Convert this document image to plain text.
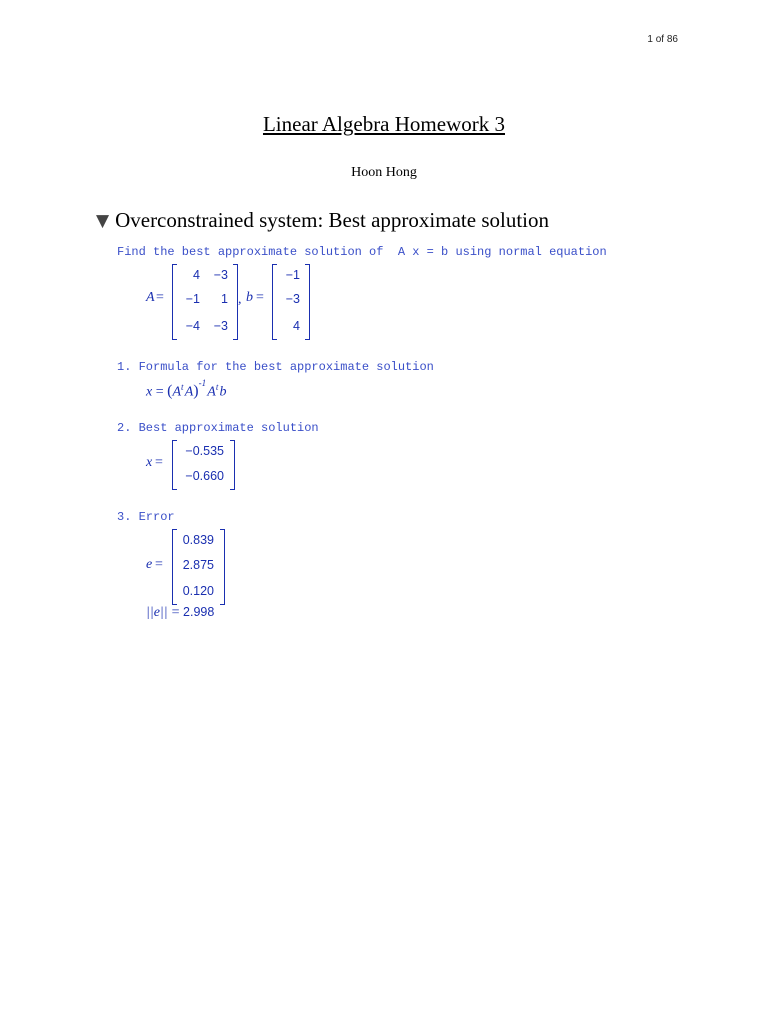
1 of 86
Linear Algebra Homework 3
Hoon Hong
▼ Overconstrained system: Best approximate solution
Find the best approximate solution of  A x = b using normal equation
A =
4	−3
−1	1
−4	−3
, b =
−1
−3
4
1. Formula for the best approximate solution
$x = (A^t$ A)$^{-1}$ $A^t$ b
2. Best approximate solution
x =
−0.535
−0.660
3. Error
e =
0.839
2.875
0.120
||e|| = 2.998
